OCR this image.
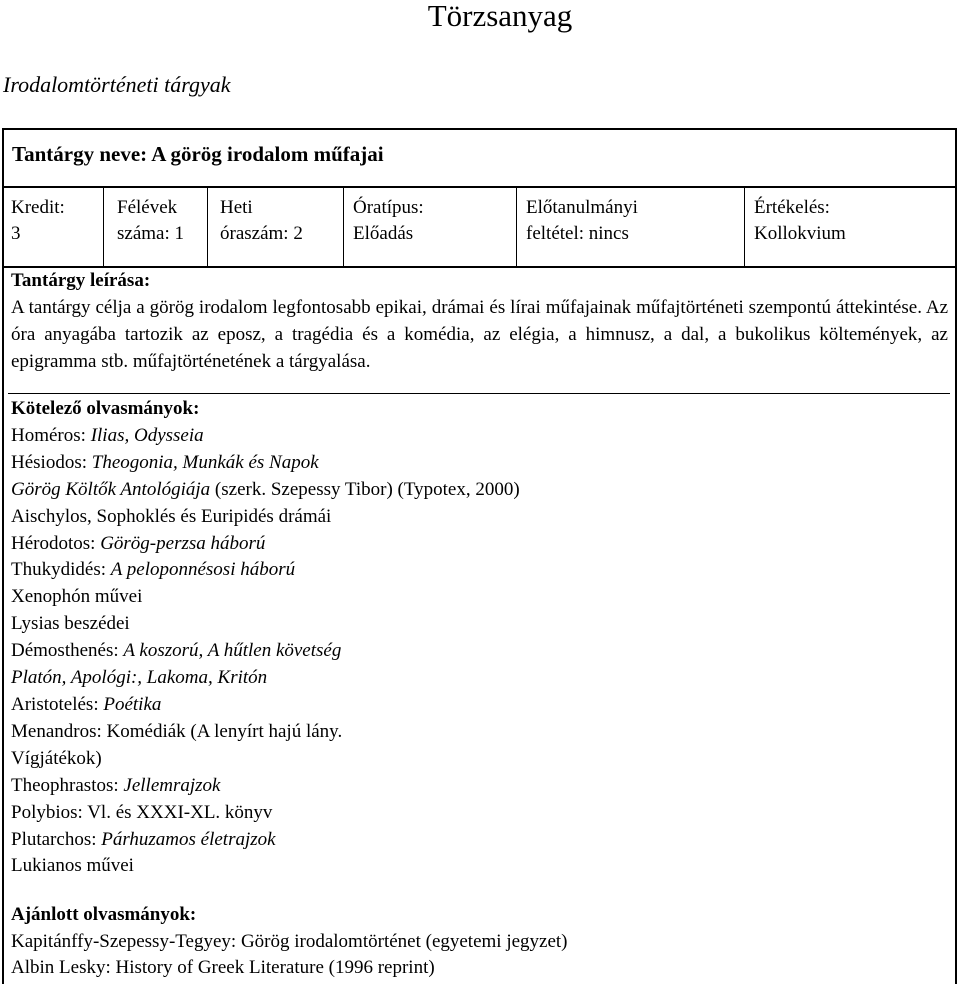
Törzsanyag
Irodalomtörténeti tárgyak
Tantárgy neve: A görög irodalom műfajai
Kredit:
3
Félévek
száma: 1
Heti
óraszám: 2
Óratípus:
Előadás
Előtanulmányi
feltétel: nincs
Értékelés:
Kollokvium
Tantárgy leírása:
A tantárgy célja a görög irodalom legfontosabb epikai, drámai és lírai műfajainak műfajtörténeti szempontú áttekintése. Az óra anyagába tartozik az eposz, a tragédia és a komédia, az elégia, a himnusz, a dal, a bukolikus költemények, az epigramma stb. műfajtörténetének a tárgyalása.
Kötelező olvasmányok:
Homéros: Ilias, Odysseia
Hésiodos: Theogonia, Munkák és Napok
Görög Költők Antológiája (szerk. Szepessy Tibor) (Typotex, 2000)
Aischylos, Sophoklés és Euripidés drámái
Hérodotos: Görög-perzsa háború
Thukydidés: A peloponnésosi háború
Xenophón művei
Lysias beszédei
Démosthenés: A koszorú, A hűtlen követség
Platón, Apológi:, Lakoma, Kritón
Aristotelés: Poétika
Menandros: Komédiák (A lenyírt hajú lány.
Vígjátékok)
Theophrastos: Jellemrajzok
Polybios: Vl. és XXXI-XL. könyv
Plutarchos: Párhuzamos életrajzok
Lukianos művei
Ajánlott olvasmányok:
Kapitánffy-Szepessy-Tegyey: Görög irodalomtörténet (egyetemi jegyzet)
Albin Lesky: History of Greek Literature (1996 reprint)
